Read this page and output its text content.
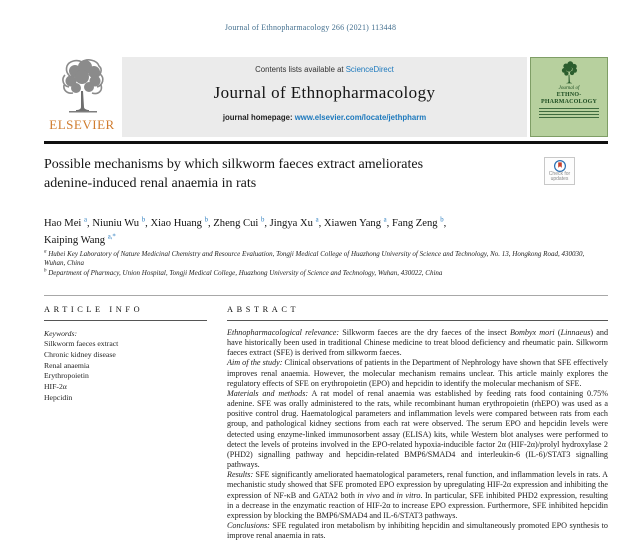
Journal of Ethnopharmacology 266 (2021) 113448
ELSEVIER
Contents lists available at ScienceDirect
Journal of Ethnopharmacology
journal homepage: www.elsevier.com/locate/jethpharm
Journal of
ETHNO-
PHARMACOLOGY
Possible mechanisms by which silkworm faeces extract ameliorates
adenine-induced renal anaemia in rats
Check for updates
Hao Mei $^a$, Niuniu Wu $^b$, Xiao Huang $^b$, Zheng Cui $^b$, Jingya Xu $^a$, Xiawen Yang $^a$, Fang Zeng $^b$,
Kaiping Wang $^{a,*}$
$^a$ Hubei Key Laboratory of Nature Medicinal Chemistry and Resource Evaluation, Tongji Medical College of Huazhong University of Science and Technology, No. 13, Hongkong Road, 430030, Wuhan, China
$^b$ Department of Pharmacy, Union Hospital, Tongji Medical College, Huazhong University of Science and Technology, Wuhan, 430022, China
ARTICLE INFO
Keywords:
Silkworm faeces extract
Chronic kidney disease
Renal anaemia
Erythropoietin
HIF-2α
Hepcidin
ABSTRACT

Ethnopharmacological relevance: Silkworm faeces are the dry faeces of the insect Bombyx mori (Linnaeus) and have historically been used in traditional Chinese medicine to treat blood deficiency and rheumatic pain. Silkworm faeces extract (SFE) is derived from silkworm faeces.

Aim of the study: Clinical observations of patients in the Department of Nephrology have shown that SFE effectively improves renal anaemia. However, the molecular mechanism remains unclear. This article mainly explores the regulatory effects of SFE on erythropoietin (EPO) and hepcidin to identify the molecular mechanism of SFE.

Materials and methods: A rat model of renal anaemia was established by feeding rats food containing 0.75% adenine. SFE was orally administered to the rats, while recombinant human erythropoietin (rhEPO) was used as a positive control drug. Haematological parameters and inflammation levels were compared between rats from each group, and pathological kidney sections from each rat were observed. The serum EPO and hepcidin levels were detected using enzyme-linked immunosorbent assay (ELISA) kits, while Western blot analyses were performed to detect the levels of proteins involved in the EPO-related hypoxia-inducible factor 2α (HIF-2α)/prolyl hydroxylase 2 (PHD2) signalling pathway and hepcidin-related BMP6/SMAD4 and interleukin-6 (IL-6)/STAT3 signalling pathways.

Results: SFE significantly ameliorated haematological parameters, renal function, and inflammation levels in rats. A mechanistic study showed that SFE promoted EPO expression by upregulating HIF-2α expression and inhibiting the expression of NF-κB and GATA2 both in vivo and in vitro. In particular, SFE inhibited PHD2 expression, resulting in a decrease in the enzymatic reaction of HIF-2α to increase EPO expression. Furthermore, SFE inhibited hepcidin expression by blocking the BMP6/SMAD4 and IL-6/STAT3 pathways.

Conclusions: SFE regulated iron metabolism by inhibiting hepcidin and simultaneously promoted EPO synthesis to improve renal anaemia in rats.
